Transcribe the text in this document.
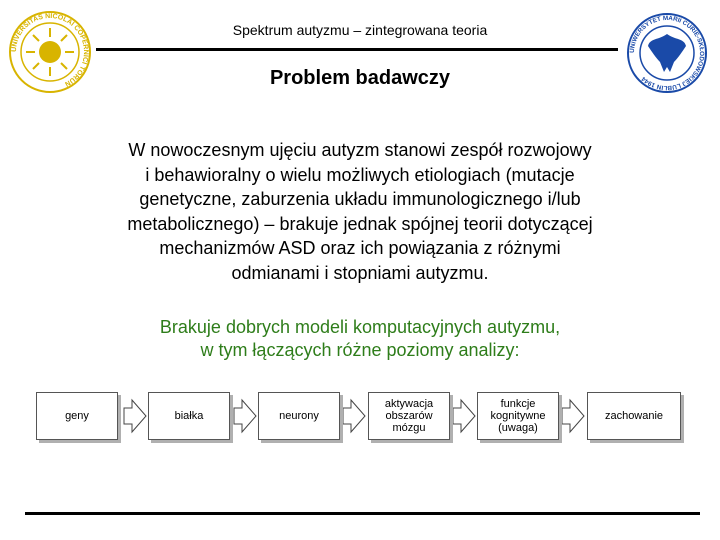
UNIVERSITAS NICOLAI COPERNICI TORUN
UNIWERSYTET MARII CURIE-SKŁODOWSKIEJ LUBLIN 1944
Spektrum autyzmu – zintegrowana teoria
Problem badawczy
W nowoczesnym ujęciu autyzm stanowi zespół rozwojowy
i behawioralny o wielu możliwych etiologiach (mutacje
genetyczne, zaburzenia układu immunologicznego i/lub
metabolicznego) – brakuje jednak spójnej teorii dotyczącej
mechanizmów ASD oraz ich powiązania z różnymi
odmianami i stopniami autyzmu.
Brakuje dobrych modeli komputacyjnych autyzmu,
w tym łączących różne poziomy analizy:
geny	białka	neurony
aktywacja
obszarów
mózgu
funkcje
kognitywne
(uwaga)
zachowanie
